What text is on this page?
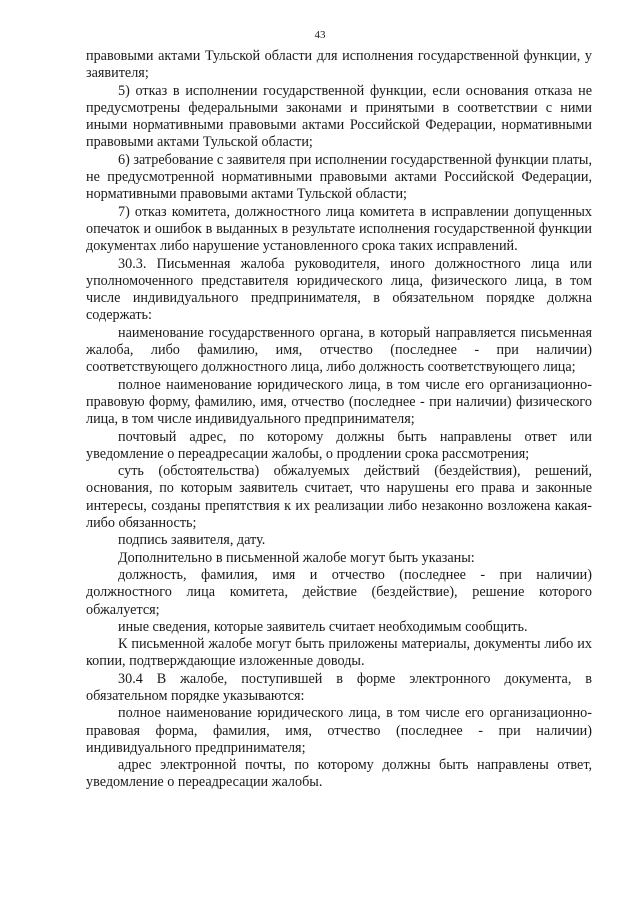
43

правовыми актами Тульской области для исполнения государственной функции, у заявителя;

5) отказ в исполнении государственной функции, если основания отказа не предусмотрены федеральными законами и принятыми в соответствии с ними иными нормативными правовыми актами Российской Федерации, нормативными правовыми актами Тульской области;

6) затребование с заявителя при исполнении государственной функции платы, не предусмотренной нормативными правовыми актами Российской Федерации, нормативными правовыми актами Тульской области;

7) отказ комитета, должностного лица комитета в исправлении допущенных опечаток и ошибок в выданных в результате исполнения государственной функции документах либо нарушение установленного срока таких исправлений.

30.3. Письменная жалоба руководителя, иного должностного лица или уполномоченного представителя юридического лица, физического лица, в том числе индивидуального предпринимателя, в обязательном порядке должна содержать:

наименование государственного органа, в который направляется письменная жалоба, либо фамилию, имя, отчество (последнее - при наличии) соответствующего должностного лица, либо должность соответствующего лица;

полное наименование юридического лица, в том числе его организационно-правовую форму, фамилию, имя, отчество (последнее - при наличии) физического лица, в том числе индивидуального предпринимателя;

почтовый адрес, по которому должны быть направлены ответ или уведомление о переадресации жалобы, о продлении срока рассмотрения;

суть (обстоятельства) обжалуемых действий (бездействия), решений, основания, по которым заявитель считает, что нарушены его права и законные интересы, созданы препятствия к их реализации либо незаконно возложена какая-либо обязанность;

подпись заявителя, дату.

Дополнительно в письменной жалобе могут быть указаны:

должность, фамилия, имя и отчество (последнее - при наличии) должностного лица комитета, действие (бездействие), решение которого обжалуется;

иные сведения, которые заявитель считает необходимым сообщить.

К письменной жалобе могут быть приложены материалы, документы либо их копии, подтверждающие изложенные доводы.

30.4 В жалобе, поступившей в форме электронного документа, в обязательном порядке указываются:

полное наименование юридического лица, в том числе его организационно-правовая форма, фамилия, имя, отчество (последнее - при наличии) индивидуального предпринимателя;

адрес электронной почты, по которому должны быть направлены ответ, уведомление о переадресации жалобы.
